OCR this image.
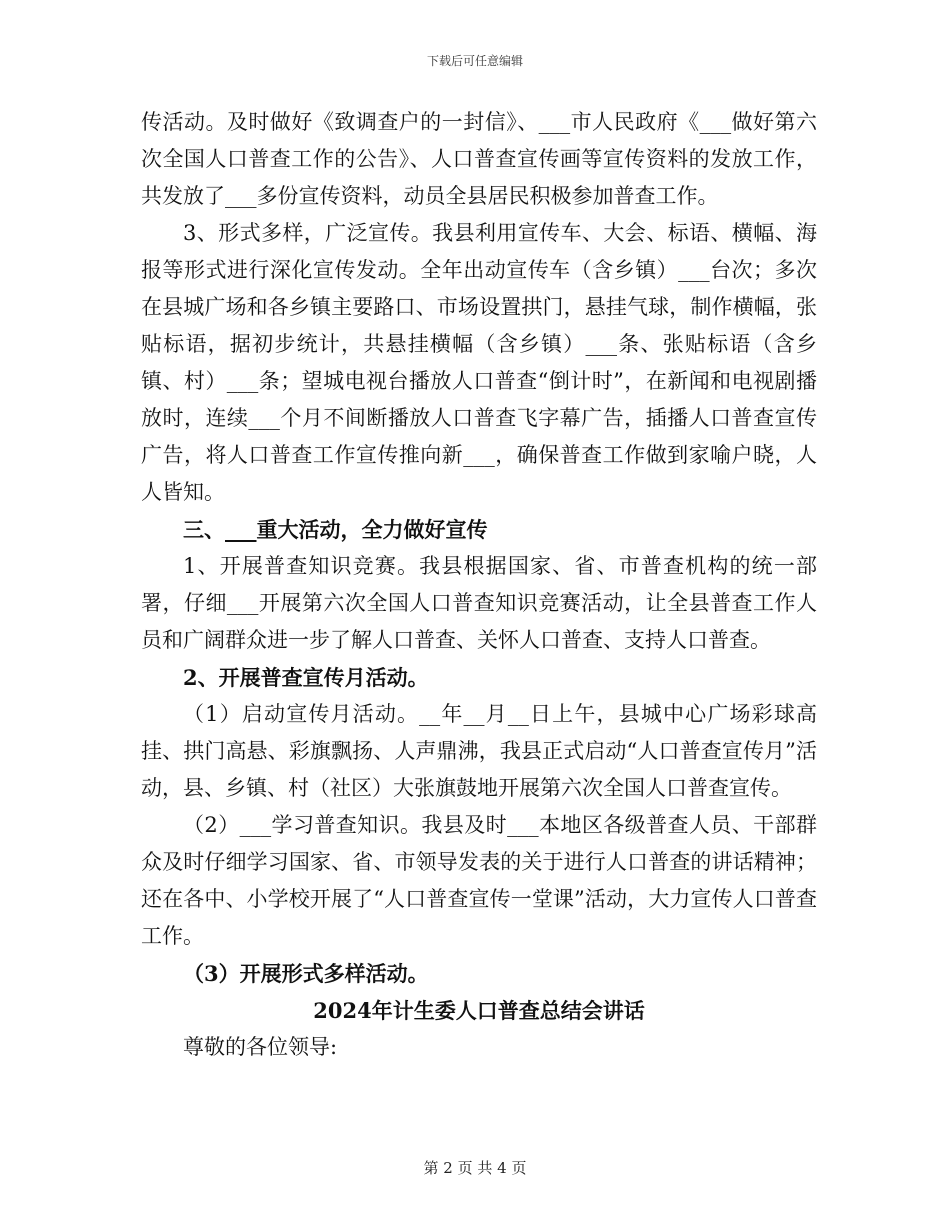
下载后可任意编辑

传活动。及时做好《致调查户的一封信》、___市人民政府《___做好第六次全国人口普查工作的公告》、人口普查宣传画等宣传资料的发放工作，共发放了___多份宣传资料，动员全县居民积极参加普查工作。

3、形式多样，广泛宣传。我县利用宣传车、大会、标语、横幅、海报等形式进行深化宣传发动。全年出动宣传车（含乡镇）___台次；多次在县城广场和各乡镇主要路口、市场设置拱门，悬挂气球，制作横幅，张贴标语，据初步统计，共悬挂横幅（含乡镇）___条、张贴标语（含乡镇、村）___条；望城电视台播放人口普查“倒计时”，在新闻和电视剧播放时，连续___个月不间断播放人口普查飞字幕广告，插播人口普查宣传广告，将人口普查工作宣传推向新___，确保普查工作做到家喻户晓，人人皆知。

三、___重大活动，全力做好宣传

1、开展普查知识竞赛。我县根据国家、省、市普查机构的统一部署，仔细___开展第六次全国人口普查知识竞赛活动，让全县普查工作人员和广阔群众进一步了解人口普查、关怀人口普查、支持人口普查。

2、开展普查宣传月活动。

（1）启动宣传月活动。__年__月__日上午，县城中心广场彩球高挂、拱门高悬、彩旗飘扬、人声鼎沸，我县正式启动“人口普查宣传月”活动，县、乡镇、村（社区）大张旗鼓地开展第六次全国人口普查宣传。

（2）___学习普查知识。我县及时___本地区各级普查人员、干部群众及时仔细学习国家、省、市领导发表的关于进行人口普查的讲话精神；还在各中、小学校开展了“人口普查宣传一堂课”活动，大力宣传人口普查工作。

（3）开展形式多样活动。

2024年计生委人口普查总结会讲话

尊敬的各位领导:

第 2 页 共 4 页
